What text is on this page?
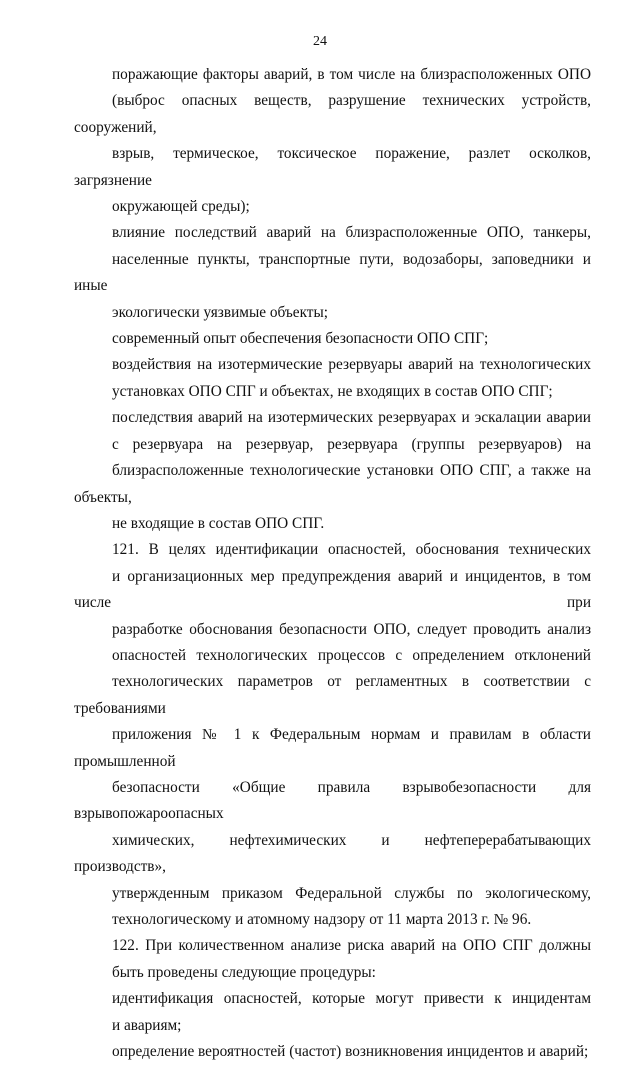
24
поражающие факторы аварий, в том числе на близрасположенных ОПО
(выброс опасных веществ, разрушение технических устройств, сооружений,
взрыв, термическое, токсическое поражение, разлет осколков, загрязнение
окружающей среды);
влияние последствий аварий на близрасположенные ОПО, танкеры,
населенные пункты, транспортные пути, водозаборы, заповедники и иные
экологически уязвимые объекты;
современный опыт обеспечения безопасности ОПО СПГ;
воздействия на изотермические резервуары аварий на технологических
установках ОПО СПГ и объектах, не входящих в состав ОПО СПГ;
последствия аварий на изотермических резервуарах и эскалации аварии
с резервуара на резервуар, резервуара (группы резервуаров) на
близрасположенные технологические установки ОПО СПГ, а также на объекты,
не входящие в состав ОПО СПГ.
121. В целях идентификации опасностей, обоснования технических
и организационных мер предупреждения аварий и инцидентов, в том числе при
разработке обоснования безопасности ОПО, следует проводить анализ
опасностей технологических процессов с определением отклонений
технологических параметров от регламентных в соответствии с требованиями
приложения № 1 к Федеральным нормам и правилам в области промышленной
безопасности «Общие правила взрывобезопасности для взрывопожароопасных
химических, нефтехимических и нефтеперерабатывающих производств»,
утвержденным приказом Федеральной службы по экологическому,
технологическому и атомному надзору от 11 марта 2013 г. № 96.
122. При количественном анализе риска аварий на ОПО СПГ должны
быть проведены следующие процедуры:
идентификация опасностей, которые могут привести к инцидентам
и авариям;
определение вероятностей (частот) возникновения инцидентов и аварий;
